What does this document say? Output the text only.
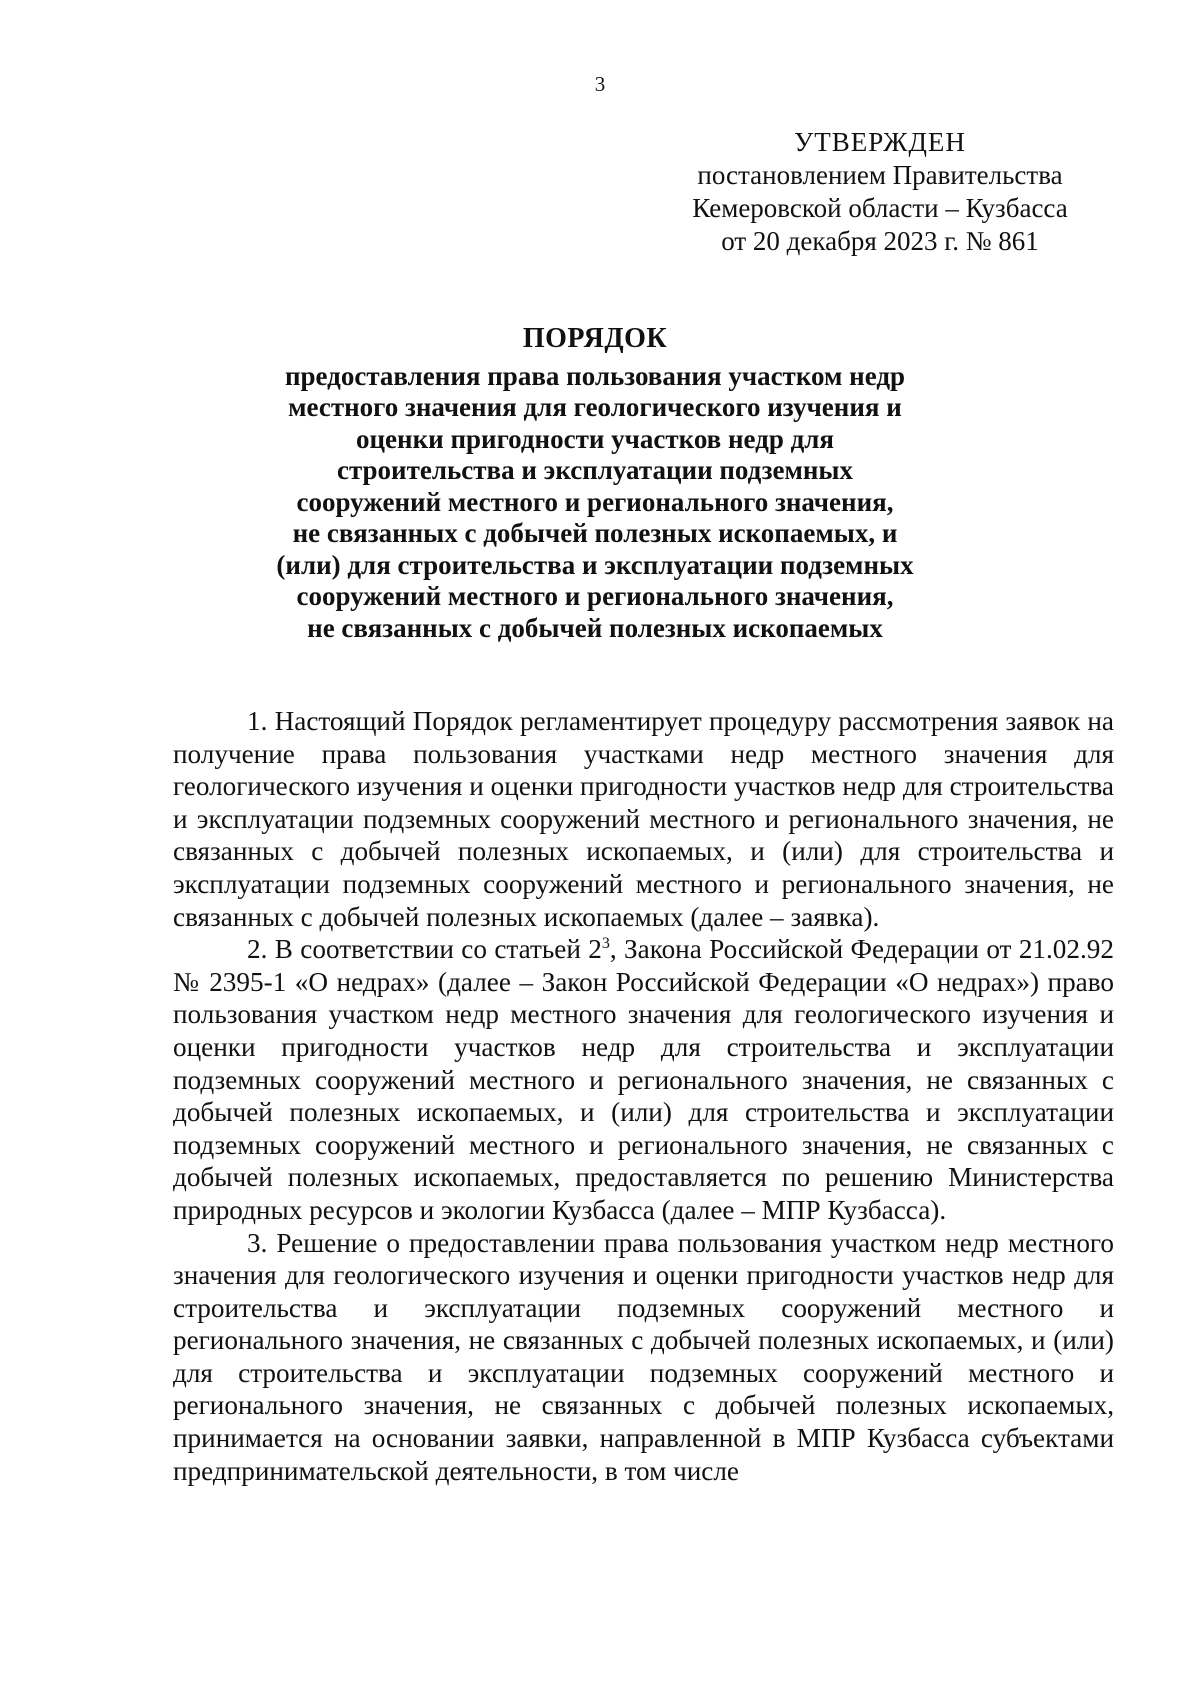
3
УТВЕРЖДЕН
постановлением Правительства
Кемеровской области – Кузбасса
от 20 декабря 2023 г. № 861
ПОРЯДОК
предоставления права пользования участком недр
местного значения для геологического изучения и
оценки пригодности участков недр для
строительства и эксплуатации подземных
сооружений местного и регионального значения,
не связанных с добычей полезных ископаемых, и
(или) для строительства и эксплуатации подземных
сооружений местного и регионального значения,
не связанных с добычей полезных ископаемых

1. Настоящий Порядок регламентирует процедуру рассмотрения заявок на получение права пользования участками недр местного значения для геологического изучения и оценки пригодности участков недр для строительства и эксплуатации подземных сооружений местного и регионального значения, не связанных с добычей полезных ископаемых, и (или) для строительства и эксплуатации подземных сооружений местного и регионального значения, не связанных с добычей полезных ископаемых (далее – заявка).

2. В соответствии со статьей $2^3$, Закона Российской Федерации от 21.02.92 № 2395-1 «О недрах» (далее – Закон Российской Федерации «О недрах») право пользования участком недр местного значения для геологического изучения и оценки пригодности участков недр для строительства и эксплуатации подземных сооружений местного и регионального значения, не связанных с добычей полезных ископаемых, и (или) для строительства и эксплуатации подземных сооружений местного и регионального значения, не связанных с добычей полезных ископаемых, предоставляется по решению Министерства природных ресурсов и экологии Кузбасса (далее – МПР Кузбасса).

3. Решение о предоставлении права пользования участком недр местного значения для геологического изучения и оценки пригодности участков недр для строительства и эксплуатации подземных сооружений местного и регионального значения, не связанных с добычей полезных ископаемых, и (или) для строительства и эксплуатации подземных сооружений местного и регионального значения, не связанных с добычей полезных ископаемых, принимается на основании заявки, направленной в МПР Кузбасса субъектами предпринимательской деятельности, в том числе
